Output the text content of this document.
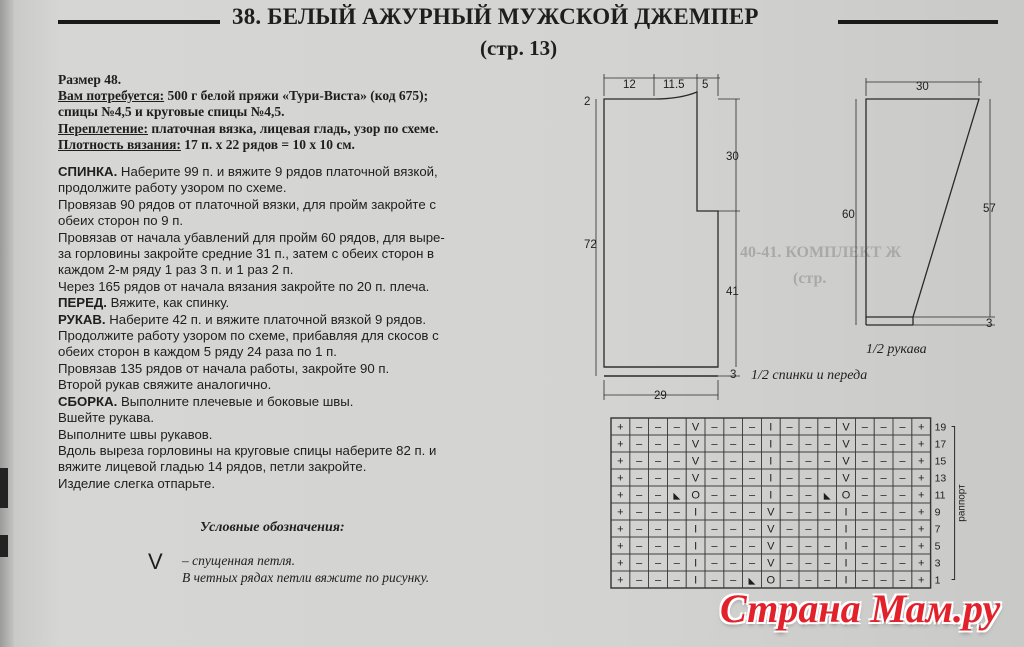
40-41. КОМПЛЕКТ Ж
(стр.
38. БЕЛЫЙ АЖУРНЫЙ МУЖСКОЙ ДЖЕМПЕР
(стр. 13)
Размер 48.
Вам потребуется: 500 г белой пряжи «Тури-Виста» (код 675);
спицы №4,5 и круговые спицы №4,5.
Переплетение: платочная вязка, лицевая гладь, узор по схеме.
Плотность вязания: 17 п. х 22 рядов = 10 х 10 см.
СПИНКА. Наберите 99 п. и вяжите 9 рядов платочной вязкой,
продолжите работу узором по схеме.
Провязав 90 рядов от платочной вязки, для пройм закройте с
обеих сторон по 9 п.
Провязав от начала убавлений для пройм 60 рядов, для выре-
за горловины закройте средние 31 п., затем с обеих сторон в
каждом 2-м ряду 1 раз 3 п. и 1 раз 2 п.
Через 165 рядов от начала вязания закройте по 20 п. плеча.
ПЕРЕД. Вяжите, как спинку.
РУКАВ. Наберите 42 п. и вяжите платочной вязкой 9 рядов.
Продолжите работу узором по схеме, прибавляя для скосов с
обеих сторон в каждом 5 ряду 24 раза по 1 п.
Провязав 135 рядов от начала работы, закройте 90 п.
Второй рукав свяжите аналогично.
СБОРКА. Выполните плечевые и боковые швы.
Вшейте рукава.
Выполните швы рукавов.
Вдоль выреза горловины на круговые спицы наберите 82 п. и
вяжите лицевой гладью 14 рядов, петли закройте.
Изделие слегка отпарьте.
Условные обозначения:
V – спущенная петля.
В четных рядах петли вяжите по рисунку.
12 11.5 5
30
72
41
2
3
29
30
60	57
3
+ – – – V – – – I – – – V – – – + 19
+ – – – V – – – I – – – V – – – + 17
+ – – – V – – – I – – – V – – – + 15
+ – – – V – – – I – – – V – – – + 13
+ – – ◣ O – – – I – – ◣ O – – – + 11
+ – – – I – – – V – – – I – – – + 9
+ – – – I – – – V – – – I – – – + 7
+ – – – I – – – V – – – I – – – + 5
+ – – – I – – – V – – – I – – – + 3
+ – – – I – – ◣ O – – – I – – – + 1
раппорт
1/2 спинки и переда
1/2 рукава
Страна Мам.ру
